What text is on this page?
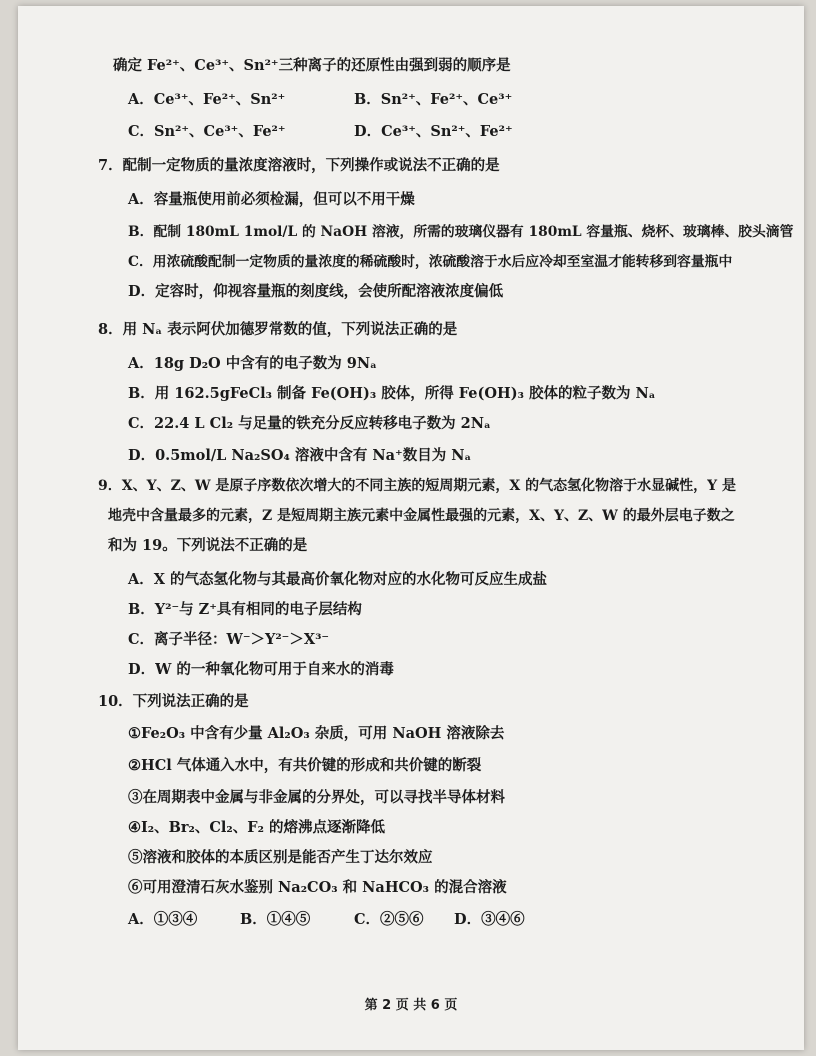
确定 Fe²⁺、Ce³⁺、Sn²⁺三种离子的还原性由强到弱的顺序是
A．Ce³⁺、Fe²⁺、Sn²⁺	B．Sn²⁺、Fe²⁺、Ce³⁺
C．Sn²⁺、Ce³⁺、Fe²⁺	D．Ce³⁺、Sn²⁺、Fe²⁺
7．配制一定物质的量浓度溶液时，下列操作或说法不正确的是
A．容量瓶使用前必须检漏，但可以不用干燥
B．配制 180mL 1mol/L 的 NaOH 溶液，所需的玻璃仪器有 180mL 容量瓶、烧杯、玻璃棒、胶头滴管
C．用浓硫酸配制一定物质的量浓度的稀硫酸时，浓硫酸溶于水后应冷却至室温才能转移到容量瓶中
D．定容时，仰视容量瓶的刻度线，会使所配溶液浓度偏低
8．用 Nₐ 表示阿伏加德罗常数的值，下列说法正确的是
A．18g D₂O 中含有的电子数为 9Nₐ
B．用 162.5gFeCl₃ 制备 Fe(OH)₃ 胶体，所得 Fe(OH)₃ 胶体的粒子数为 Nₐ
C．22.4 L Cl₂ 与足量的铁充分反应转移电子数为 2Nₐ
D．0.5mol/L Na₂SO₄ 溶液中含有 Na⁺数目为 Nₐ
9．X、Y、Z、W 是原子序数依次增大的不同主族的短周期元素，X 的气态氢化物溶于水显碱性，Y 是
地壳中含量最多的元素，Z 是短周期主族元素中金属性最强的元素，X、Y、Z、W 的最外层电子数之
和为 19。下列说法不正确的是
A．X 的气态氢化物与其最高价氧化物对应的水化物可反应生成盐
B．Y²⁻与 Z⁺具有相同的电子层结构
C．离子半径：W⁻＞Y²⁻＞X³⁻
D．W 的一种氧化物可用于自来水的消毒
10．下列说法正确的是
①Fe₂O₃ 中含有少量 Al₂O₃ 杂质，可用 NaOH 溶液除去
②HCl 气体通入水中，有共价键的形成和共价键的断裂
③在周期表中金属与非金属的分界处，可以寻找半导体材料
④I₂、Br₂、Cl₂、F₂ 的熔沸点逐渐降低
⑤溶液和胶体的本质区别是能否产生丁达尔效应
⑥可用澄清石灰水鉴别 Na₂CO₃ 和 NaHCO₃ 的混合溶液
A．①③④	B．①④⑤	C．②⑤⑥ D．③④⑥
第 2 页 共 6 页
